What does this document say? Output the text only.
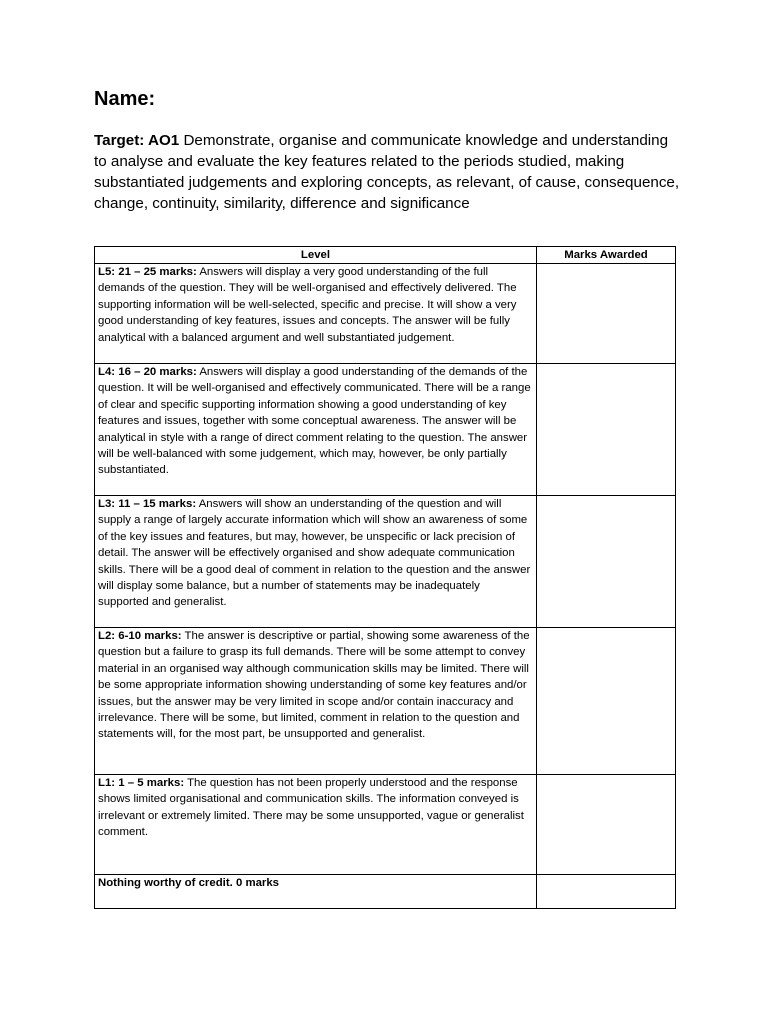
Name:

Target: AO1 Demonstrate, organise and communicate knowledge and understanding to analyse and evaluate the key features related to the periods studied, making substantiated judgements and exploring concepts, as relevant, of cause, consequence, change, continuity, similarity, difference and significance

Level	Marks Awarded
L5: 21 – 25 marks: Answers will display a very good understanding of the full demands of the question. They will be well-organised and effectively delivered. The supporting information will be well-selected, specific and precise. It will show a very good understanding of key features, issues and concepts. The answer will be fully analytical with a balanced argument and well substantiated judgement.	
L4: 16 – 20 marks: Answers will display a good understanding of the demands of the question. It will be well-organised and effectively communicated. There will be a range of clear and specific supporting information showing a good understanding of key features and issues, together with some conceptual awareness. The answer will be analytical in style with a range of direct comment relating to the question. The answer will be well-balanced with some judgement, which may, however, be only partially substantiated.	
L3: 11 – 15 marks: Answers will show an understanding of the question and will supply a range of largely accurate information which will show an awareness of some of the key issues and features, but may, however, be unspecific or lack precision of detail. The answer will be effectively organised and show adequate communication skills. There will be a good deal of comment in relation to the question and the answer will display some balance, but a number of statements may be inadequately supported and generalist.	
L2: 6-10 marks: The answer is descriptive or partial, showing some awareness of the question but a failure to grasp its full demands. There will be some attempt to convey material in an organised way although communication skills may be limited. There will be some appropriate information showing understanding of some key features and/or issues, but the answer may be very limited in scope and/or contain inaccuracy and irrelevance. There will be some, but limited, comment in relation to the question and statements will, for the most part, be unsupported and generalist.	
L1: 1 – 5 marks: The question has not been properly understood and the response shows limited organisational and communication skills. The information conveyed is irrelevant or extremely limited. There may be some unsupported, vague or generalist comment.	
Nothing worthy of credit. 0 marks	
